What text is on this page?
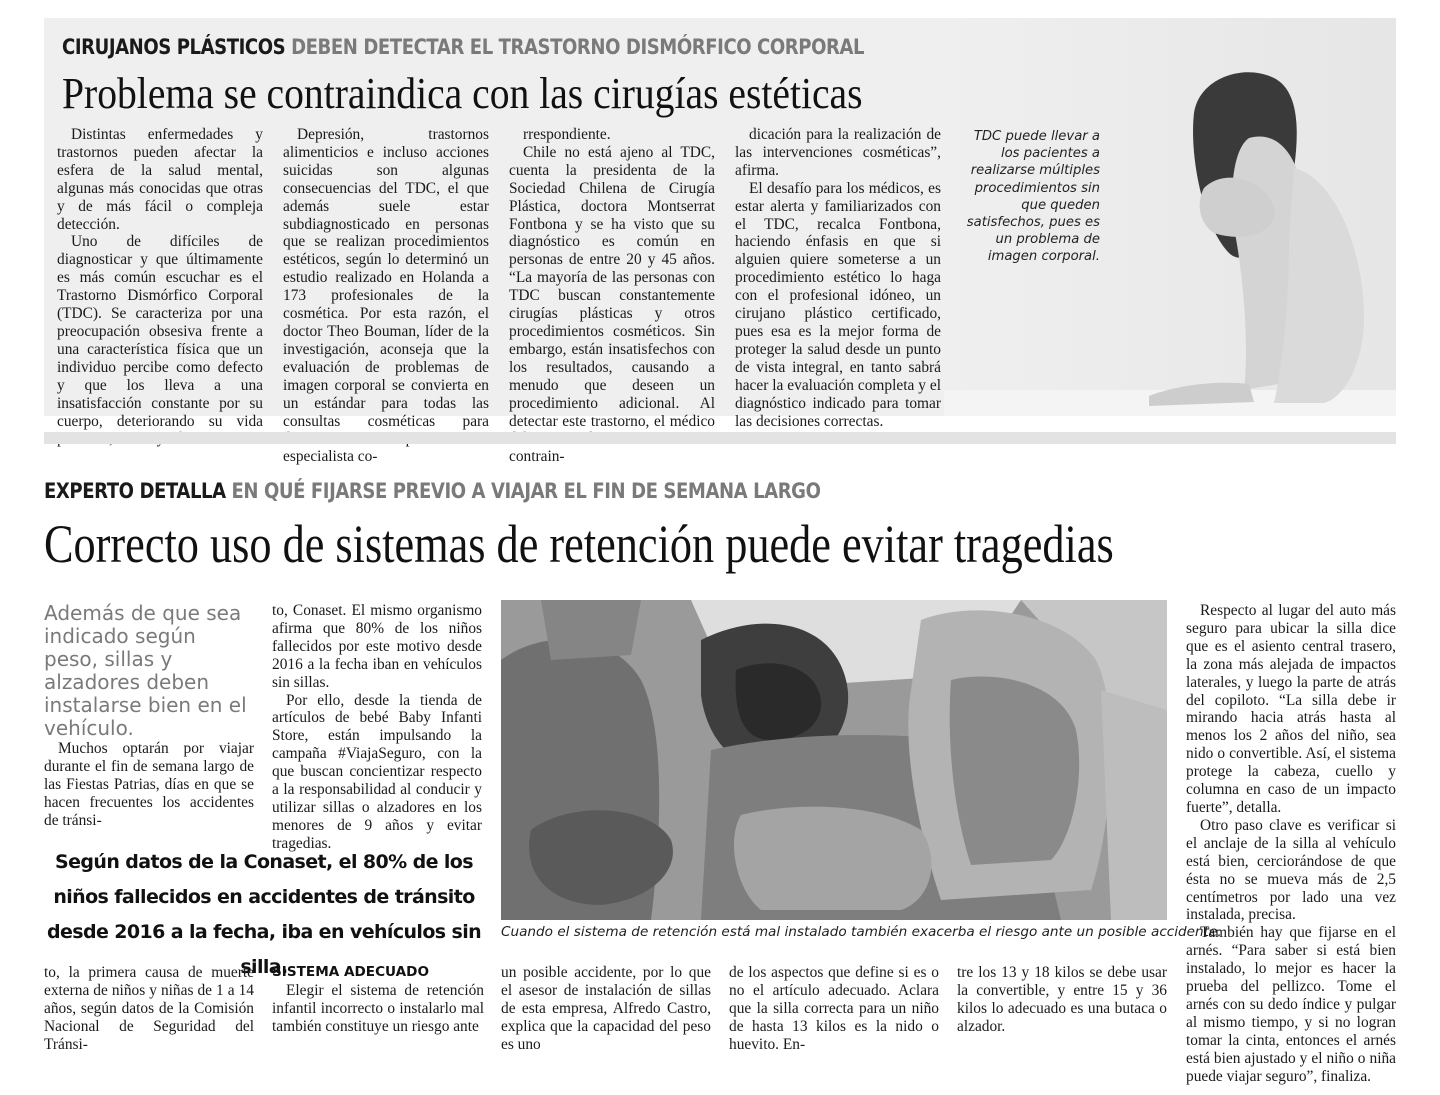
TDC puede llevar a los pacientes a realizarse múltiples procedimientos sin que queden satisfechos, pues es un problema de imagen corporal.
CIRUJANOS PLÁSTICOS DEBEN DETECTAR EL TRASTORNO DISMÓRFICO CORPORAL
Problema se contraindica con las cirugías estéticas

Distintas enfermedades y trastornos pueden afectar la esfera de la salud mental, algunas más conocidas que otras y de más fácil o compleja detección.

Uno de difíciles de diagnosticar y que últimamente es más común escuchar es el Trastorno Dismórfico Corporal (TDC). Se caracteriza por una preocupación obsesiva frente a una característica física que un individuo percibe como defecto y que los lleva a una insatisfacción constante por su cuerpo, deteriorando su vida

Depresión, trastornos alimenticios e incluso acciones suicidas son algunas consecuencias del TDC, el que además suele estar subdiagnosticado en personas que se realizan procedimientos estéticos, según lo determinó un estudio realizado en Holanda a 173 profesionales de la cosmética. Por esta razón, el doctor Theo Bouman, líder de la investigación, aconseja que la evaluación de problemas de imagen corporal se convierta en un estándar para todas las consultas cosméticas para especialista co-

rrespondiente.

Chile no está ajeno al TDC, cuenta la presidenta de la Sociedad Chilena de Cirugía Plástica, doctora Montserrat Fontbona y se ha visto que su diagnóstico es común en personas de entre 20 y 45 años. “La mayoría de las personas con TDC buscan constantemente cirugías plásticas y otros procedimientos cosméticos. Sin embargo, están insatisfechos con los resultados, causando a menudo que deseen un procedimiento adicional. Al detectar este trastorno, el médico contrain-

dicación para la realización de las intervenciones cosméticas”, afirma.

El desafío para los médicos, es estar alerta y familiarizados con el TDC, recalca Fontbona, haciendo énfasis en que si alguien quiere someterse a un procedimiento estético lo haga con el profesional idóneo, un cirujano plástico certificado, pues esa es la mejor forma de proteger la salud desde un punto de vista integral, en tanto sabrá hacer la evaluación completa y el diagnóstico indicado para tomar las decisiones correctas.

EXPERTO DETALLA EN QUÉ FIJARSE PREVIO A VIAJAR EL FIN DE SEMANA LARGO
Correcto uso de sistemas de retención puede evitar tragedias
Además de que sea indicado según peso, sillas y alzadores deben instalarse bien en el vehículo.

Muchos optarán por viajar durante el fin de semana largo de las Fiestas Patrias, días en que se hacen frecuentes los accidentes de tránsi-

to, Conaset. El mismo organismo afirma que 80% de los niños fallecidos por este motivo desde 2016 a la fecha iban en vehículos sin sillas.

Por ello, desde la tienda de artículos de bebé Baby Infanti Store, están impulsando la campaña #ViajaSeguro, con la que buscan concientizar respecto a la responsabilidad al conducir y utilizar sillas o alzadores en los menores de 9 años y evitar tragedias.

Según datos de la Conaset, el 80% de los niños fallecidos en accidentes de tránsito desde 2016 a la fecha, iba en vehículos sin silla.
Cuando el sistema de retención está mal instalado también exacerba el riesgo ante un posible accidente.

to, la primera causa de muerte externa de niños y niñas de 1 a 14 años, según datos de la Comisión Nacional de Seguridad del Tránsi-

SISTEMA ADECUADO

Elegir el sistema de retención infantil incorrecto o instalarlo mal también constituye un riesgo ante

un posible accidente, por lo que el asesor de instalación de sillas de esta empresa, Alfredo Castro, explica que la capacidad del peso es uno

de los aspectos que define si es o no el artículo adecuado. Aclara que la silla correcta para un niño de hasta 13 kilos es la nido o huevito. En-

tre los 13 y 18 kilos se debe usar la convertible, y entre 15 y 36 kilos lo adecuado es una butaca o alzador.

Respecto al lugar del auto más seguro para ubicar la silla dice que es el asiento central trasero, la zona más alejada de impactos laterales, y luego la parte de atrás del copiloto. “La silla debe ir mirando hacia atrás hasta al menos los 2 años del niño, sea nido o convertible. Así, el sistema protege la cabeza, cuello y columna en caso de un impacto fuerte”, detalla.

Otro paso clave es verificar si el anclaje de la silla al vehículo está bien, cerciorándose de que ésta no se mueva más de 2,5 centímetros por lado una vez instalada, precisa.

También hay que fijarse en el arnés. “Para saber si está bien instalado, lo mejor es hacer la prueba del pellizco. Tome el arnés con su dedo índice y pulgar al mismo tiempo, y si no logran tomar la cinta, entonces el arnés está bien ajustado y el niño o niña puede viajar seguro”, finaliza.
